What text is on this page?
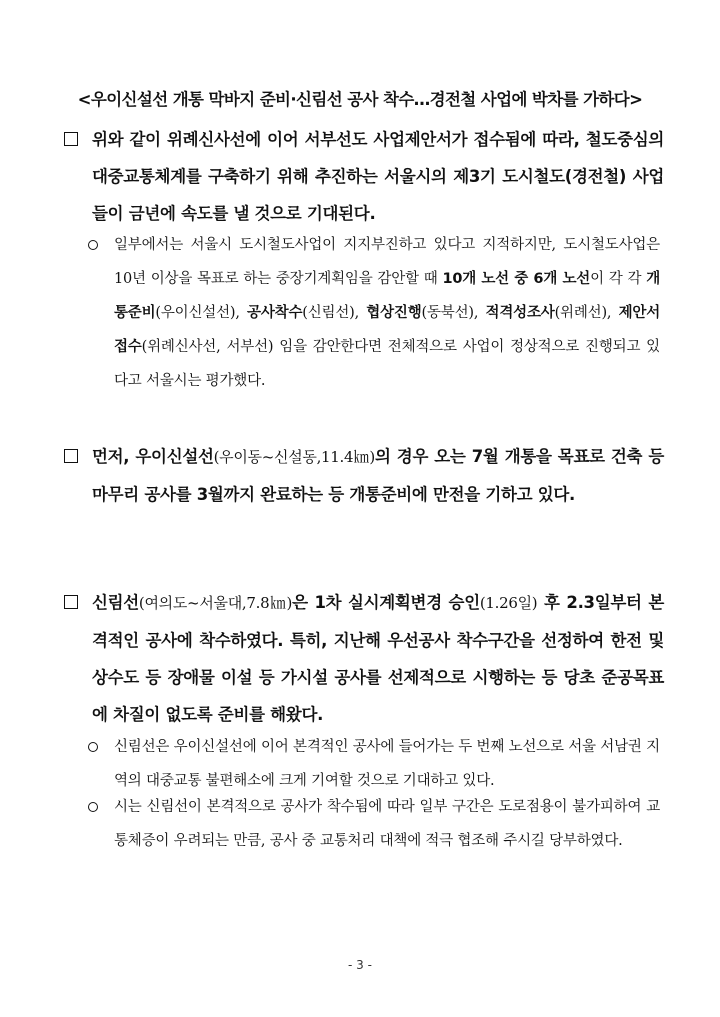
<우이신설선 개통 막바지 준비·신림선 공사 착수…경전철 사업에 박차를 가하다>
위와 같이 위례신사선에 이어 서부선도 사업제안서가 접수됨에 따라, 철도중심의 대중교통체계를 구축하기 위해 추진하는 서울시의 제3기 도시철도(경전철) 사업들이 금년에 속도를 낼 것으로 기대된다.
일부에서는 서울시 도시철도사업이 지지부진하고 있다고 지적하지만, 도시철도사업은 10년 이상을 목표로 하는 중장기계획임을 감안할 때 10개 노선 중 6개 노선이 각 각 개통준비(우이신설선), 공사착수(신림선), 협상진행(동북선), 적격성조사(위례선), 제안서 접수(위례신사선, 서부선) 임을 감안한다면 전체적으로 사업이 정상적으로 진행되고 있다고 서울시는 평가했다.
먼저, 우이신설선(우이동~신설동,11.4㎞)의 경우 오는 7월 개통을 목표로 건축 등 마무리 공사를 3월까지 완료하는 등 개통준비에 만전을 기하고 있다.
신림선(여의도~서울대,7.8㎞)은 1차 실시계획변경 승인(1.26일) 후 2.3일부터 본격적인 공사에 착수하였다. 특히, 지난해 우선공사 착수구간을 선정하여 한전 및 상수도 등 장애물 이설 등 가시설 공사를 선제적으로 시행하는 등 당초 준공목표에 차질이 없도록 준비를 해왔다.
신림선은 우이신설선에 이어 본격적인 공사에 들어가는 두 번째 노선으로 서울 서남권 지역의 대중교통 불편해소에 크게 기여할 것으로 기대하고 있다.
시는 신림선이 본격적으로 공사가 착수됨에 따라 일부 구간은 도로점용이 불가피하여 교통체증이 우려되는 만큼, 공사 중 교통처리 대책에 적극 협조해 주시길 당부하였다.
- 3 -
